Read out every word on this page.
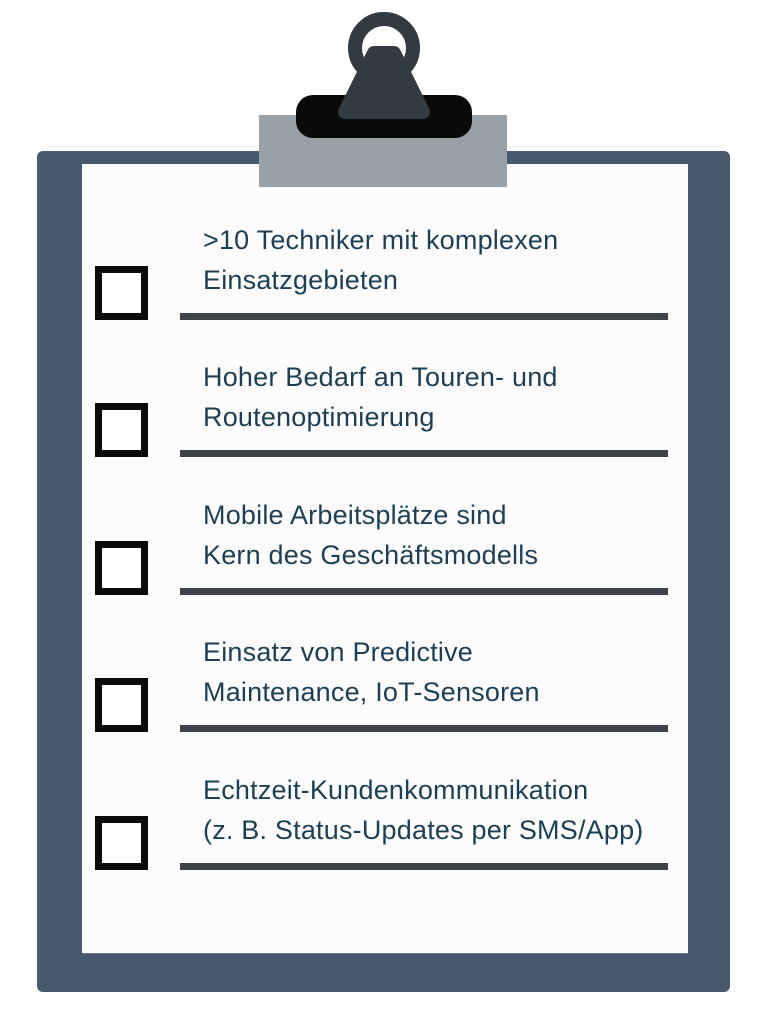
>10 Techniker mit komplexen
Einsatzgebieten
Hoher Bedarf an Touren- und
Routenoptimierung
Mobile Arbeitsplätze sind
Kern des Geschäftsmodells
Einsatz von Predictive
Maintenance, IoT-Sensoren
Echtzeit-Kundenkommunikation
(z. B. Status-Updates per SMS/App)
